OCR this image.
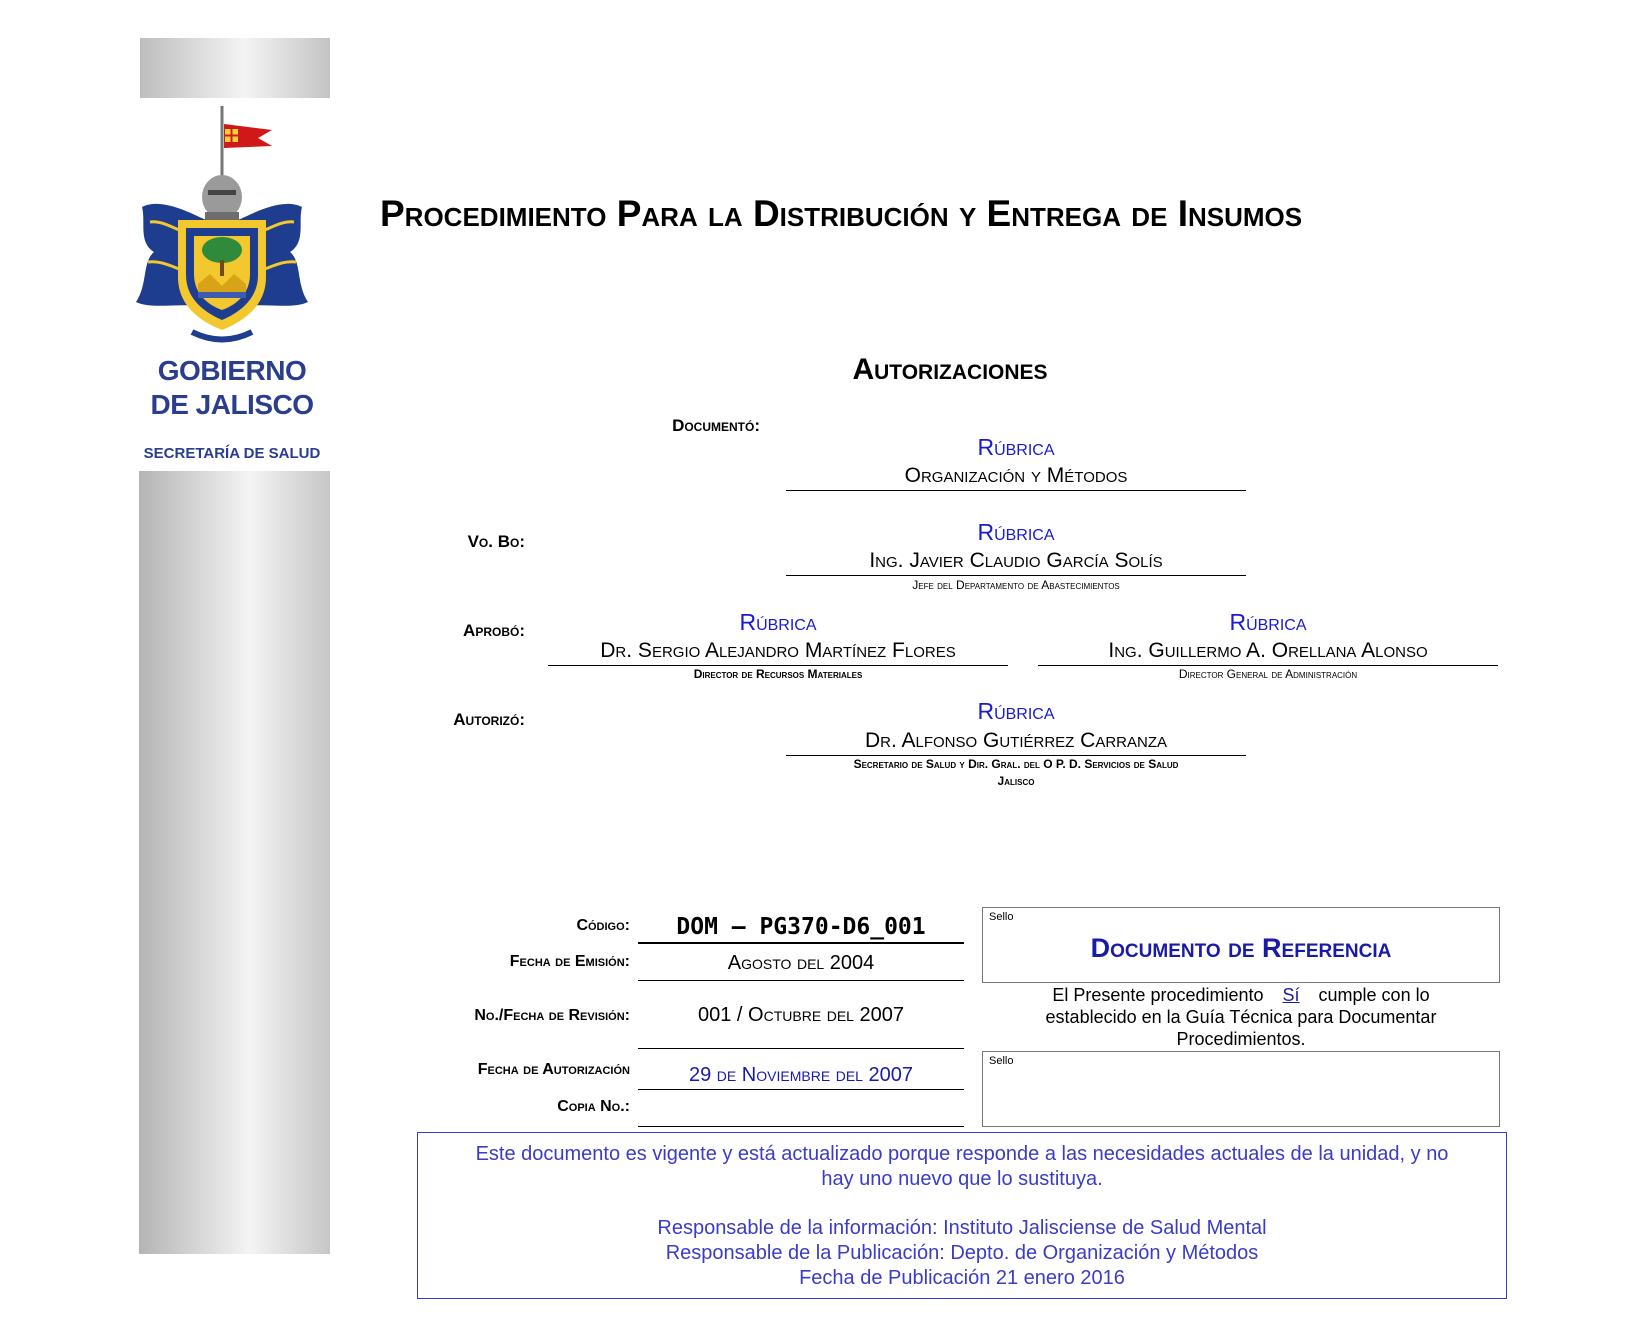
GOBIERNO
DE JALISCO
SECRETARÍA DE SALUD
Procedimiento Para la Distribución y Entrega de Insumos
Autorizaciones
Documentó:
Rúbrica
Organización y Métodos
Vo. Bo:	Rúbrica
Ing. Javier Claudio García Solís
Jefe del Departamento de Abastecimientos
Aprobó:	Rúbrica
Dr. Sergio Alejandro Martínez Flores
Director de Recursos Materiales
Rúbrica
Ing. Guillermo A. Orellana Alonso
Director General de Administración
Autorizó:	Rúbrica
Dr. Alfonso Gutiérrez Carranza
Secretario de Salud y Dir. Gral. del O P. D. Servicios de Salud
Jalisco
Código:	DOM – PG370-D6_001
Fecha de Emisión:	Agosto del 2004
No./Fecha de Revisión:	001 / Octubre del 2007
Fecha de Autorización	29 de Noviembre del 2007
Copia No.:
Sello
Documento de Referencia
El Presente procedimiento Sí cumple con lo
establecido en la Guía Técnica para Documentar
Procedimientos.
Sello
Este documento es vigente y está actualizado porque responde a las necesidades actuales de la unidad, y no
hay uno nuevo que lo sustituya.
Responsable de la información: Instituto Jalisciense de Salud Mental
Responsable de la Publicación: Depto. de Organización y Métodos
Fecha de Publicación 21 enero 2016
